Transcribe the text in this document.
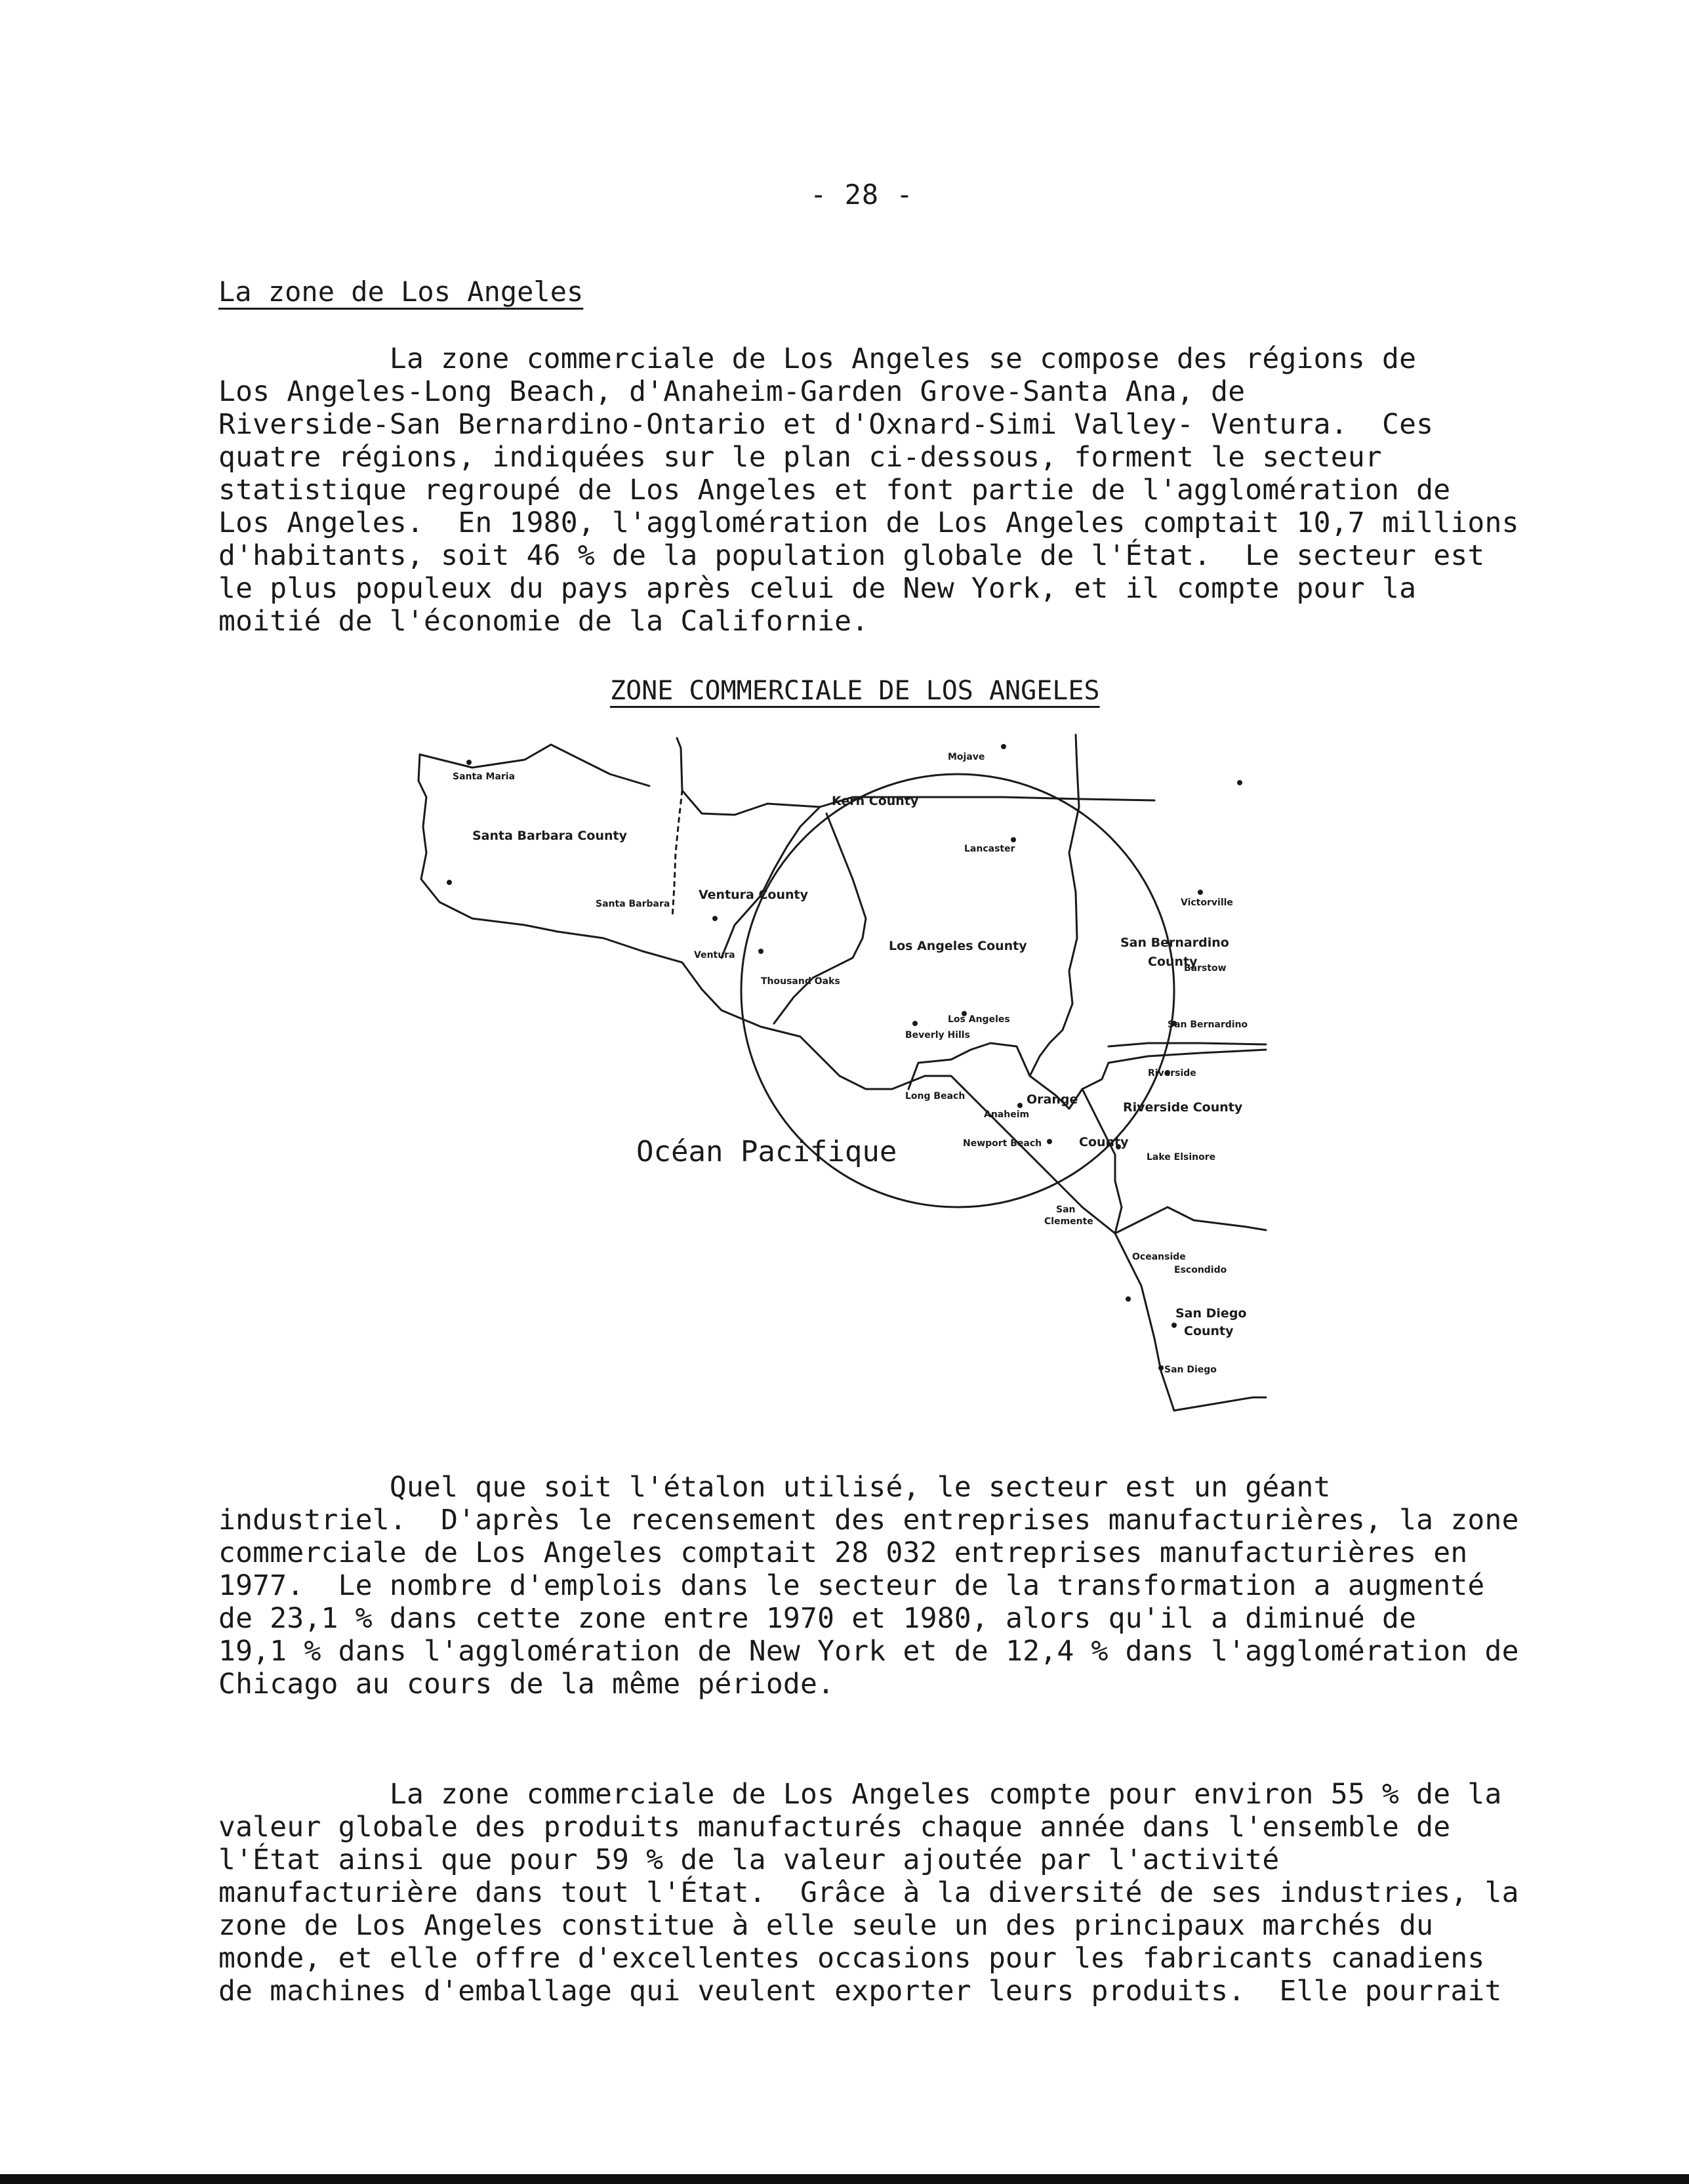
- 28 -
La zone de Los Angeles

La zone commerciale de Los Angeles se compose des régions de
Los Angeles-Long Beach, d'Anaheim-Garden Grove-Santa Ana, de
Riverside-San Bernardino-Ontario et d'Oxnard-Simi Valley- Ventura.  Ces
quatre régions, indiquées sur le plan ci-dessous, forment le secteur
statistique regroupé de Los Angeles et font partie de l'agglomération de
Los Angeles.  En 1980, l'agglomération de Los Angeles comptait 10,7 millions
d'habitants, soit 46 % de la population globale de l'État.  Le secteur est
le plus populeux du pays après celui de New York, et il compte pour la
moitié de l'économie de la Californie.

ZONE COMMERCIALE DE LOS ANGELES
Santa Maria
Santa Barbara County
Santa Barbara
Ventura County
Ventura
Thousand Oaks
Kern County
Mojave
Lancaster
Los Angeles County
Los Angeles
Beverly Hills
Long Beach
Anaheim
Orange
County
Newport Beach
Barstow
Victorville
San Bernardino
County
San Bernardino
Riverside
Riverside County
Lake Elsinore
San
Clemente
Oceanside
Escondido
San Diego
County
San Diego
Océan Pacifique

Quel que soit l'étalon utilisé, le secteur est un géant
industriel.  D'après le recensement des entreprises manufacturières, la zone
commerciale de Los Angeles comptait 28 032 entreprises manufacturières en
1977.  Le nombre d'emplois dans le secteur de la transformation a augmenté
de 23,1 % dans cette zone entre 1970 et 1980, alors qu'il a diminué de
19,1 % dans l'agglomération de New York et de 12,4 % dans l'agglomération de
Chicago au cours de la même période.

La zone commerciale de Los Angeles compte pour environ 55 % de la
valeur globale des produits manufacturés chaque année dans l'ensemble de
l'État ainsi que pour 59 % de la valeur ajoutée par l'activité
manufacturière dans tout l'État.  Grâce à la diversité de ses industries, la
zone de Los Angeles constitue à elle seule un des principaux marchés du
monde, et elle offre d'excellentes occasions pour les fabricants canadiens
de machines d'emballage qui veulent exporter leurs produits.  Elle pourrait
